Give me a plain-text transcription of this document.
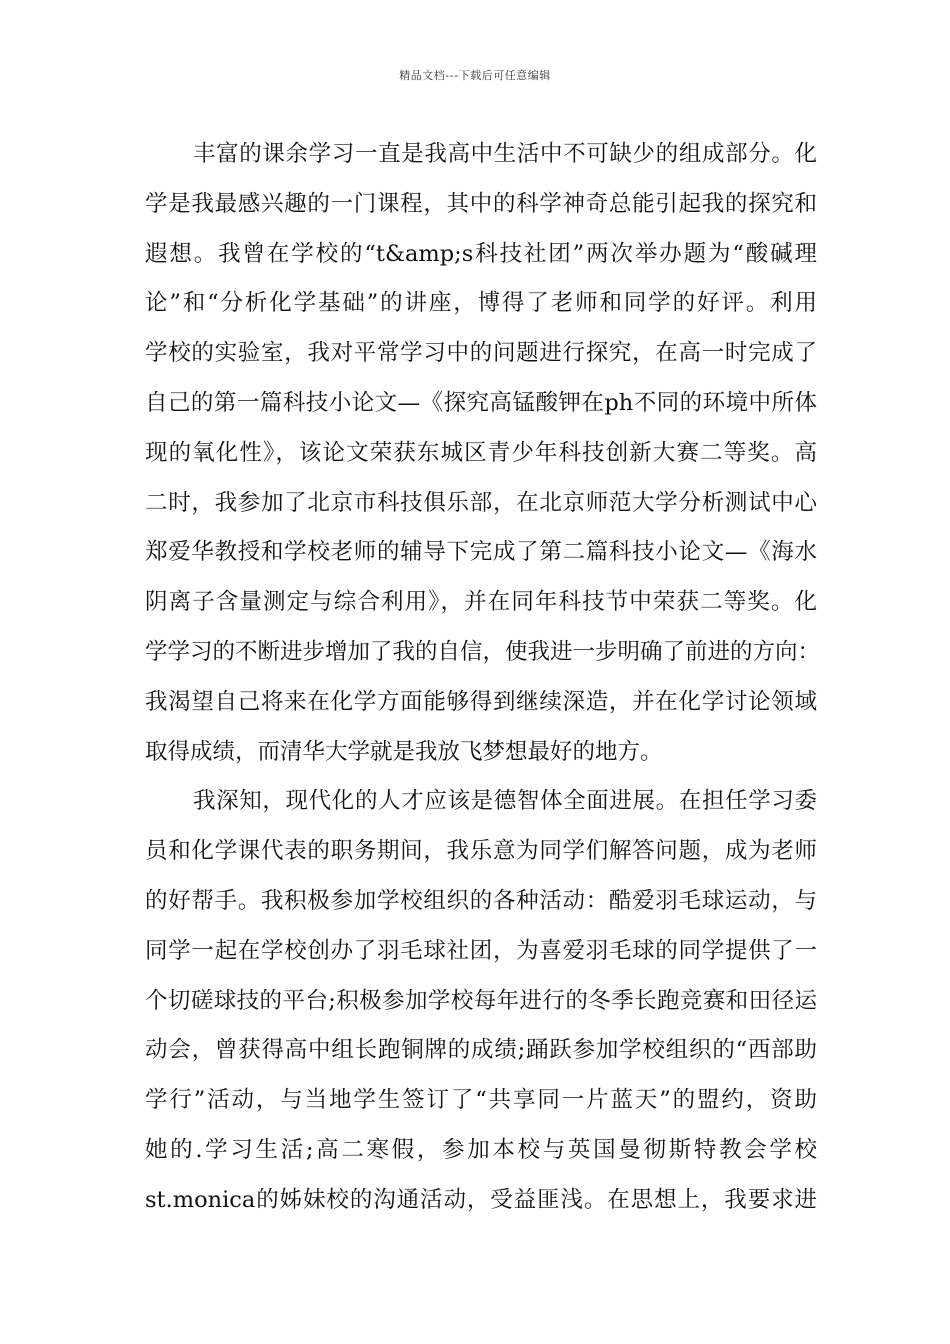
精品文档---下载后可任意编辑
丰富的课余学习一直是我高中生活中不可缺少的组成部分。化
学是我最感兴趣的一门课程，其中的科学神奇总能引起我的探究和
遐想。我曾在学校的“t&amp;s科技社团”两次举办题为“酸碱理
论”和“分析化学基础”的讲座，博得了老师和同学的好评。利用
学校的实验室，我对平常学习中的问题进行探究，在高一时完成了
自己的第一篇科技小论文—《探究高锰酸钾在ph不同的环境中所体
现的氧化性》，该论文荣获东城区青少年科技创新大赛二等奖。高
二时，我参加了北京市科技俱乐部，在北京师范大学分析测试中心
郑爱华教授和学校老师的辅导下完成了第二篇科技小论文—《海水
阴离子含量测定与综合利用》，并在同年科技节中荣获二等奖。化
学学习的不断进步增加了我的自信，使我进一步明确了前进的方向：
我渴望自己将来在化学方面能够得到继续深造，并在化学讨论领域
取得成绩，而清华大学就是我放飞梦想最好的地方。
我深知，现代化的人才应该是德智体全面进展。在担任学习委
员和化学课代表的职务期间，我乐意为同学们解答问题，成为老师
的好帮手。我积极参加学校组织的各种活动：酷爱羽毛球运动，与
同学一起在学校创办了羽毛球社团，为喜爱羽毛球的同学提供了一
个切磋球技的平台;积极参加学校每年进行的冬季长跑竞赛和田径运
动会，曾获得高中组长跑铜牌的成绩;踊跃参加学校组织的“西部助
学行”活动，与当地学生签订了“共享同一片蓝天”的盟约，资助
她的.学习生活;高二寒假，参加本校与英国曼彻斯特教会学校
st.monica的姊妹校的沟通活动，受益匪浅。在思想上，我要求进
